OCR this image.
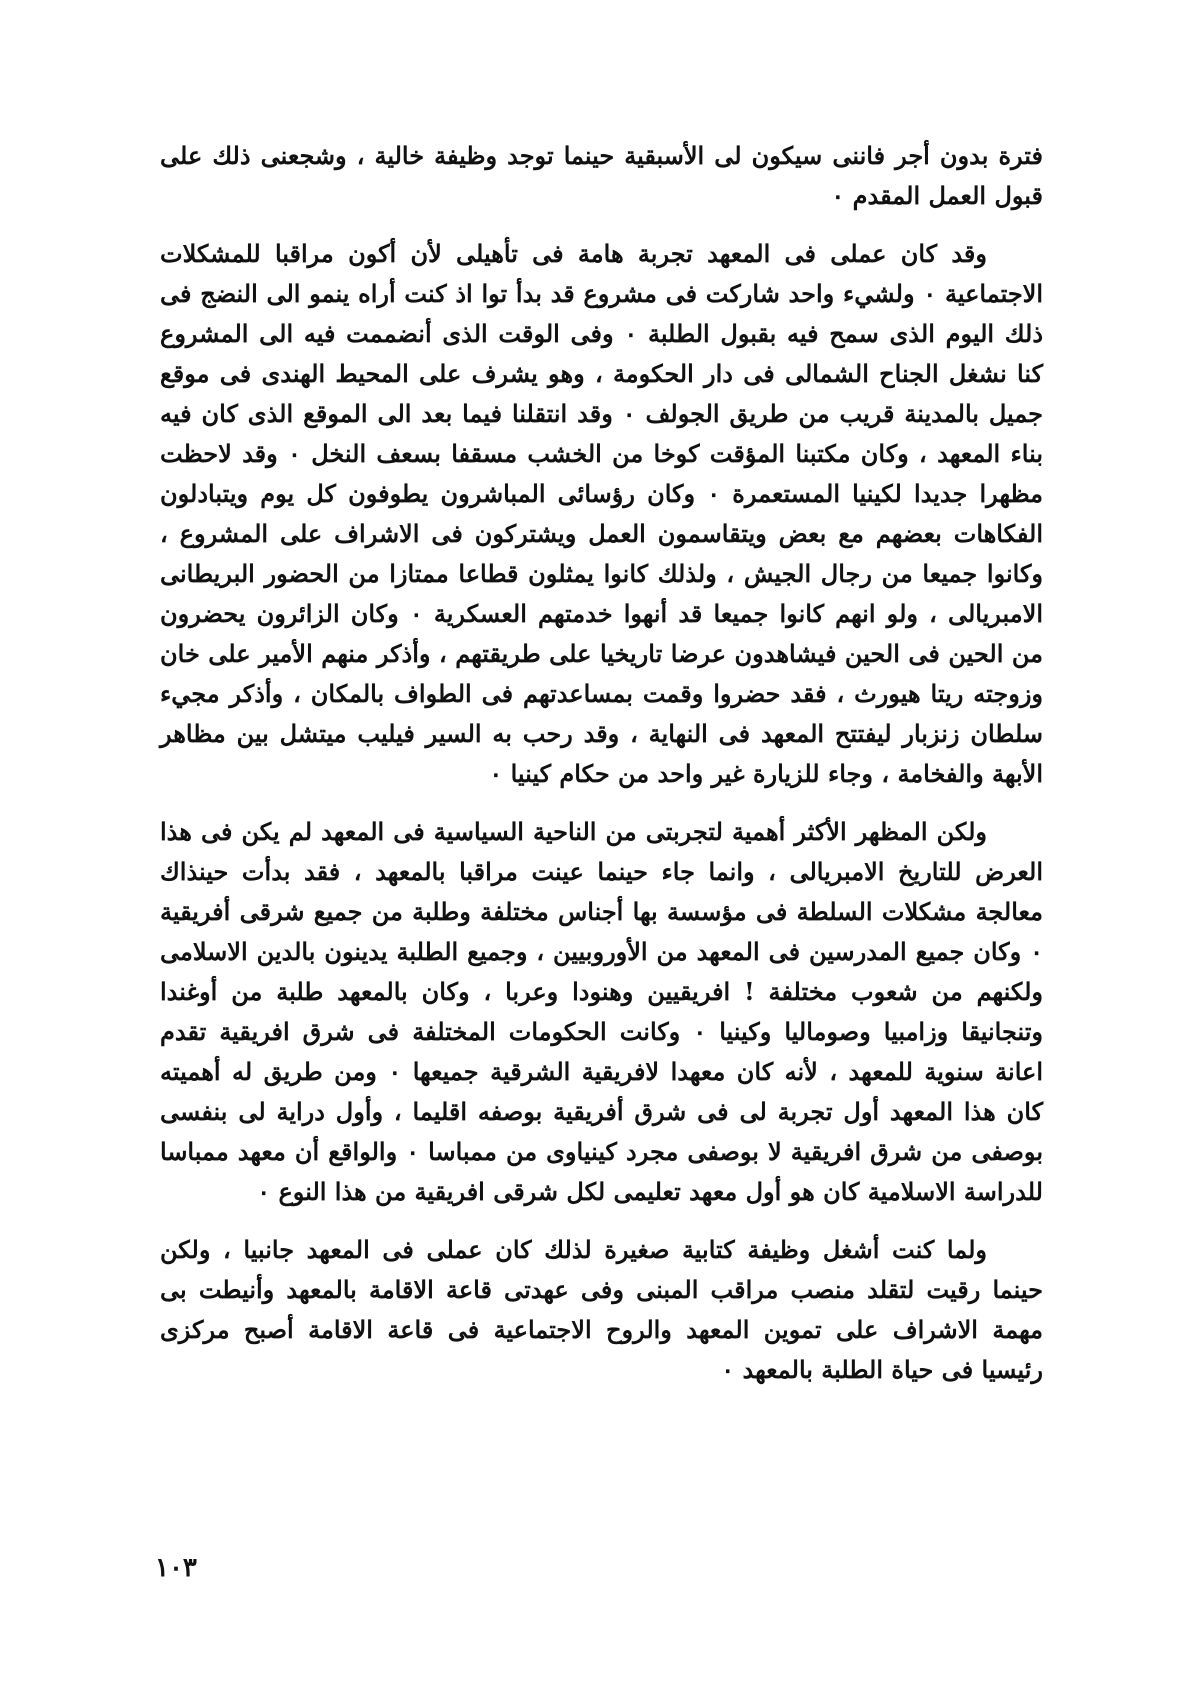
فترة بدون أجر فاننى سيكون لى الأسبقية حينما توجد وظيفة خالية ، وشجعنى ذلك على قبول العمل المقدم ٠

وقد كان عملى فى المعهد تجربة هامة فى تأهيلى لأن أكون مراقبا للمشكلات الاجتماعية ٠ ولشيء واحد شاركت فى مشروع قد بدأ توا اذ كنت أراه ينمو الى النضج فى ذلك اليوم الذى سمح فيه بقبول الطلبة ٠ وفى الوقت الذى أنضممت فيه الى المشروع كنا نشغل الجناح الشمالى فى دار الحكومة ، وهو يشرف على المحيط الهندى فى موقع جميل بالمدينة قريب من طريق الجولف ٠ وقد انتقلنا فيما بعد الى الموقع الذى كان فيه بناء المعهد ، وكان مكتبنا المؤقت كوخا من الخشب مسقفا بسعف النخل ٠ وقد لاحظت مظهرا جديدا لكينيا المستعمرة ٠ وكان رؤسائى المباشرون يطوفون كل يوم ويتبادلون الفكاهات بعضهم مع بعض ويتقاسمون العمل ويشتركون فى الاشراف على المشروع ، وكانوا جميعا من رجال الجيش ، ولذلك كانوا يمثلون قطاعا ممتازا من الحضور البريطانى الامبريالى ، ولو انهم كانوا جميعا قد أنهوا خدمتهم العسكرية ٠ وكان الزائرون يحضرون من الحين فى الحين فيشاهدون عرضا تاريخيا على طريقتهم ، وأذكر منهم الأمير على خان وزوجته ريتا هيورث ، فقد حضروا وقمت بمساعدتهم فى الطواف بالمكان ، وأذكر مجيء سلطان زنزبار ليفتتح المعهد فى النهاية ، وقد رحب به السير فيليب ميتشل بين مظاهر الأبهة والفخامة ، وجاء للزيارة غير واحد من حكام كينيا ٠

ولكن المظهر الأكثر أهمية لتجربتى من الناحية السياسية فى المعهد لم يكن فى هذا العرض للتاريخ الامبريالى ، وانما جاء حينما عينت مراقبا بالمعهد ، فقد بدأت حينذاك معالجة مشكلات السلطة فى مؤسسة بها أجناس مختلفة وطلبة من جميع شرقى أفريقية ٠ وكان جميع المدرسين فى المعهد من الأوروبيين ، وجميع الطلبة يدينون بالدين الاسلامى ولكنهم من شعوب مختلفة ! افريقيين وهنودا وعربا ، وكان بالمعهد طلبة من أوغندا وتنجانيقا وزامبيا وصوماليا وكينيا ٠ وكانت الحكومات المختلفة فى شرق افريقية تقدم اعانة سنوية للمعهد ، لأنه كان معهدا لافريقية الشرقية جميعها ٠ ومن طريق له أهميته كان هذا المعهد أول تجربة لى فى شرق أفريقية بوصفه اقليما ، وأول دراية لى بنفسى بوصفى من شرق افريقية لا بوصفى مجرد كينياوى من ممباسا ٠ والواقع أن معهد ممباسا للدراسة الاسلامية كان هو أول معهد تعليمى لكل شرقى افريقية من هذا النوع ٠

ولما كنت أشغل وظيفة كتابية صغيرة لذلك كان عملى فى المعهد جانبيا ، ولكن حينما رقيت لتقلد منصب مراقب المبنى وفى عهدتى قاعة الاقامة بالمعهد وأنيطت بى مهمة الاشراف على تموين المعهد والروح الاجتماعية فى قاعة الاقامة أصبح مركزى رئيسيا فى حياة الطلبة بالمعهد ٠

١٠٣
